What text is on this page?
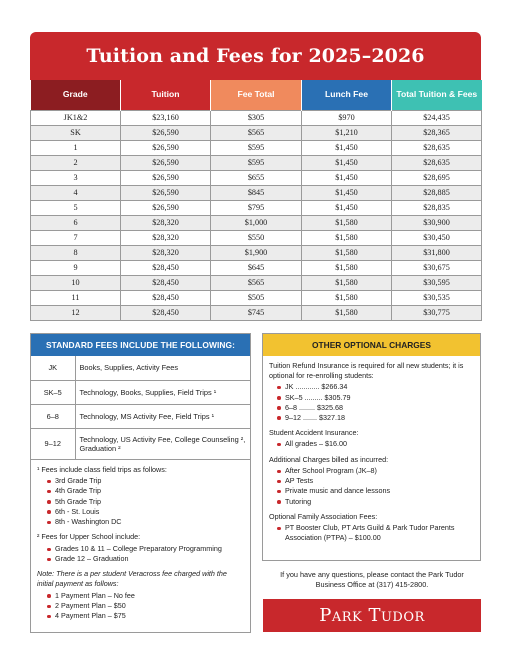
Tuition and Fees for 2025–2026
Grade	Tuition	Fee Total	Lunch Fee	Total Tuition & Fees
JK1&2	$23,160	$305	$970	$24,435
SK	$26,590	$565	$1,210	$28,365
1	$26,590	$595	$1,450	$28,635
2	$26,590	$595	$1,450	$28,635
3	$26,590	$655	$1,450	$28,695
4	$26,590	$845	$1,450	$28,885
5	$26,590	$795	$1,450	$28,835
6	$28,320	$1,000	$1,580	$30,900
7	$28,320	$550	$1,580	$30,450
8	$28,320	$1,900	$1,580	$31,800
9	$28,450	$645	$1,580	$30,675
10	$28,450	$565	$1,580	$30,595
11	$28,450	$505	$1,580	$30,535
12	$28,450	$745	$1,580	$30,775
STANDARD FEES INCLUDE THE FOLLOWING:
JK	Books, Supplies, Activity Fees
SK–5	Technology, Books, Supplies, Field Trips ¹
6–8	Technology, MS Activity Fee, Field Trips ¹
9–12	Technology, US Activity Fee, College Counseling ², Graduation ²

¹ Fees include class field trips as follows:

3rd Grade Trip
4th Grade Trip
5th Grade Trip
6th - St. Louis
8th - Washington DC

² Fees for Upper School include:

Grades 10 & 11 – College Preparatory Programming
Grade 12 – Graduation

Note: There is a per student Veracross fee charged with the initial payment as follows:

1 Payment Plan – No fee
2 Payment Plan – $50
4 Payment Plan – $75
OTHER OPTIONAL CHARGES

Tuition Refund Insurance is required for all new students; it is optional for re-enrolling students:

JK ............ $266.34
SK–5 ......... $305.79
6–8 ........ $325.68
9–12 ....... $327.18

Student Accident Insurance:

All grades – $16.00

Additional Charges billed as incurred:

After School Program (JK–8)
AP Tests
Private music and dance lessons
Tutoring

Optional Family Association Fees:

PT Booster Club, PT Arts Guild & Park Tudor Parents Association (PTPA) – $100.00
If you have any questions, please contact the Park Tudor Business Office at (317) 415-2800.
Park Tudor
